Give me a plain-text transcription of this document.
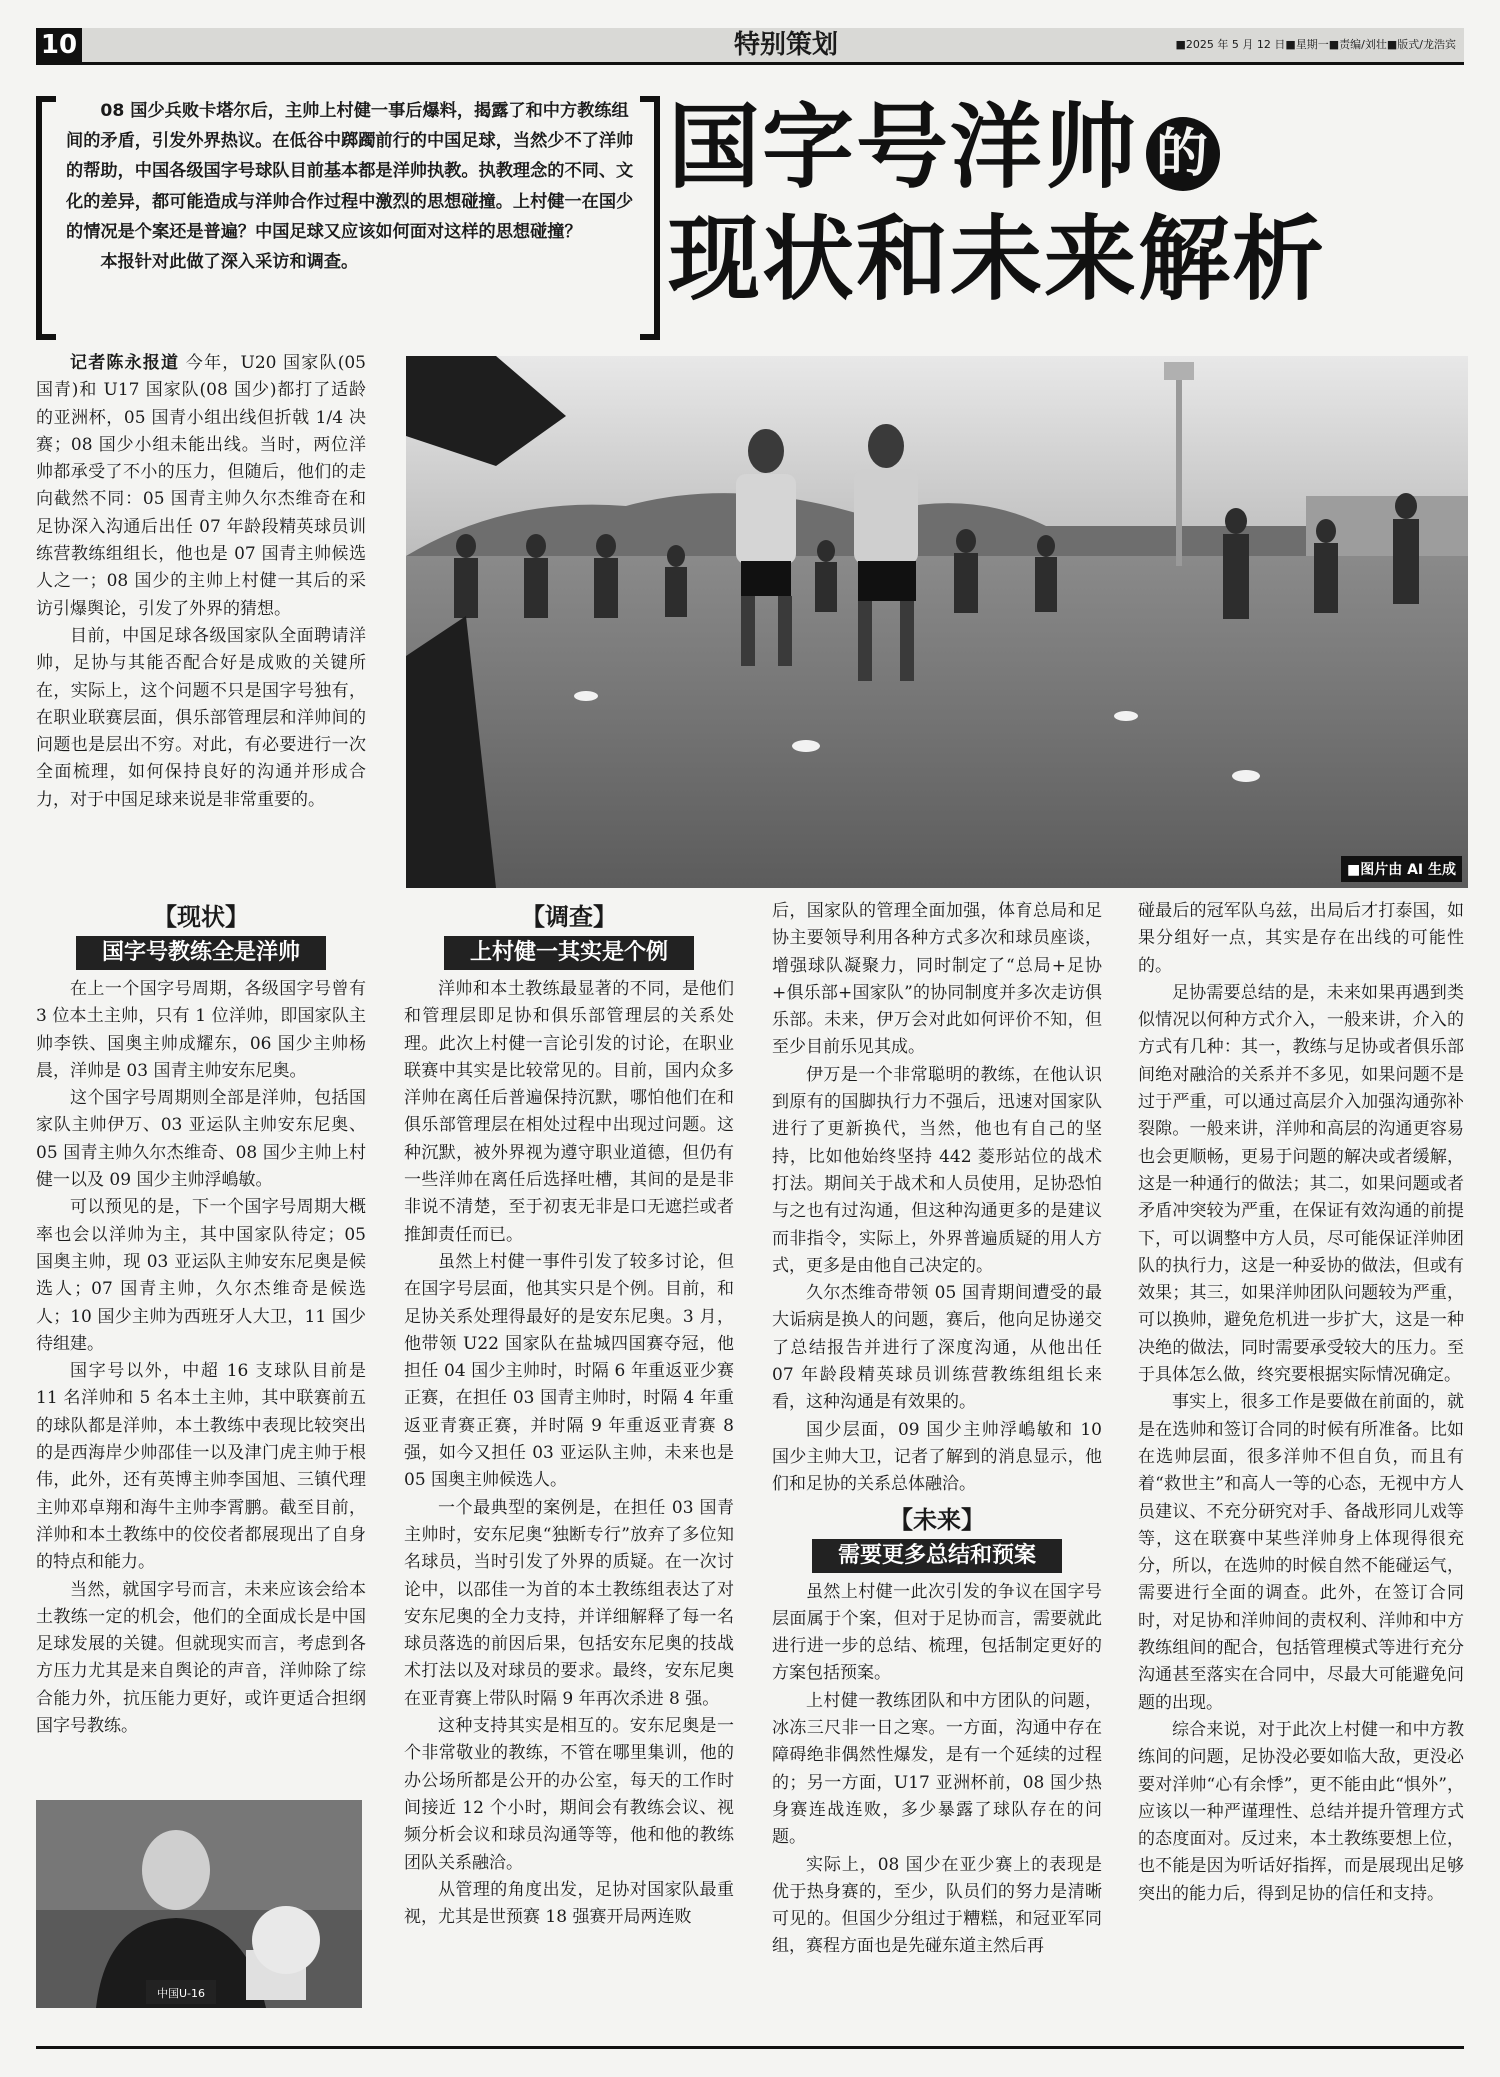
10	特别策划	■2025 年 5 月 12 日■星期一■责编/刘壮■版式/龙浩宾

08 国少兵败卡塔尔后，主帅上村健一事后爆料，揭露了和中方教练组间的矛盾，引发外界热议。在低谷中踯躅前行的中国足球，当然少不了洋帅的帮助，中国各级国字号球队目前基本都是洋帅执教。执教理念的不同、文化的差异，都可能造成与洋帅合作过程中激烈的思想碰撞。上村健一在国少的情况是个案还是普遍？中国足球又应该如何面对这样的思想碰撞？

本报针对此做了深入采访和调查。

国字号洋帅 的
现状和未来解析

记者陈永报道 今年，U20 国家队(05 国青)和 U17 国家队(08 国少)都打了适龄的亚洲杯，05 国青小组出线但折戟 1/4 决赛；08 国少小组未能出线。当时，两位洋帅都承受了不小的压力，但随后，他们的走向截然不同：05 国青主帅久尔杰维奇在和足协深入沟通后出任 07 年龄段精英球员训练营教练组组长，他也是 07 国青主帅候选人之一；08 国少的主帅上村健一其后的采访引爆舆论，引发了外界的猜想。

目前，中国足球各级国家队全面聘请洋帅，足协与其能否配合好是成败的关键所在，实际上，这个问题不只是国字号独有，在职业联赛层面，俱乐部管理层和洋帅间的问题也是层出不穷。对此，有必要进行一次全面梳理，如何保持良好的沟通并形成合力，对于中国足球来说是非常重要的。

■图片由 AI 生成
【现状】
国字号教练全是洋帅

在上一个国字号周期，各级国字号曾有 3 位本土主帅，只有 1 位洋帅，即国家队主帅李铁、国奥主帅成耀东，06 国少主帅杨晨，洋帅是 03 国青主帅安东尼奥。

这个国字号周期则全部是洋帅，包括国家队主帅伊万、03 亚运队主帅安东尼奥、05 国青主帅久尔杰维奇、08 国少主帅上村健一以及 09 国少主帅浮嶋敏。

可以预见的是，下一个国字号周期大概率也会以洋帅为主，其中国家队待定；05 国奥主帅，现 03 亚运队主帅安东尼奥是候选人；07 国青主帅，久尔杰维奇是候选人；10 国少主帅为西班牙人大卫，11 国少待组建。

国字号以外，中超 16 支球队目前是 11 名洋帅和 5 名本土主帅，其中联赛前五的球队都是洋帅，本土教练中表现比较突出的是西海岸少帅邵佳一以及津门虎主帅于根伟，此外，还有英博主帅李国旭、三镇代理主帅邓卓翔和海牛主帅李霄鹏。截至目前，洋帅和本土教练中的佼佼者都展现出了自身的特点和能力。

当然，就国字号而言，未来应该会给本土教练一定的机会，他们的全面成长是中国足球发展的关键。但就现实而言，考虑到各方压力尤其是来自舆论的声音，洋帅除了综合能力外，抗压能力更好，或许更适合担纲国字号教练。

中国U-16
【调查】
上村健一其实是个例

洋帅和本土教练最显著的不同，是他们和管理层即足协和俱乐部管理层的关系处理。此次上村健一言论引发的讨论，在职业联赛中其实是比较常见的。目前，国内众多洋帅在离任后普遍保持沉默，哪怕他们在和俱乐部管理层在相处过程中出现过问题。这种沉默，被外界视为遵守职业道德，但仍有一些洋帅在离任后选择吐槽，其间的是是非非说不清楚，至于初衷无非是口无遮拦或者推卸责任而已。

虽然上村健一事件引发了较多讨论，但在国字号层面，他其实只是个例。目前，和足协关系处理得最好的是安东尼奥。3 月，他带领 U22 国家队在盐城四国赛夺冠，他担任 04 国少主帅时，时隔 6 年重返亚少赛正赛，在担任 03 国青主帅时，时隔 4 年重返亚青赛正赛，并时隔 9 年重返亚青赛 8 强，如今又担任 03 亚运队主帅，未来也是 05 国奥主帅候选人。

一个最典型的案例是，在担任 03 国青主帅时，安东尼奥“独断专行”放弃了多位知名球员，当时引发了外界的质疑。在一次讨论中，以邵佳一为首的本土教练组表达了对安东尼奥的全力支持，并详细解释了每一名球员落选的前因后果，包括安东尼奥的技战术打法以及对球员的要求。最终，安东尼奥在亚青赛上带队时隔 9 年再次杀进 8 强。

这种支持其实是相互的。安东尼奥是一个非常敬业的教练，不管在哪里集训，他的办公场所都是公开的办公室，每天的工作时间接近 12 个小时，期间会有教练会议、视频分析会议和球员沟通等等，他和他的教练团队关系融洽。

从管理的角度出发，足协对国家队最重视，尤其是世预赛 18 强赛开局两连败

后，国家队的管理全面加强，体育总局和足协主要领导利用各种方式多次和球员座谈，增强球队凝聚力，同时制定了“总局+足协+俱乐部+国家队”的协同制度并多次走访俱乐部。未来，伊万会对此如何评价不知，但至少目前乐见其成。

伊万是一个非常聪明的教练，在他认识到原有的国脚执行力不强后，迅速对国家队进行了更新换代，当然，他也有自己的坚持，比如他始终坚持 442 菱形站位的战术打法。期间关于战术和人员使用，足协恐怕与之也有过沟通，但这种沟通更多的是建议而非指令，实际上，外界普遍质疑的用人方式，更多是由他自己决定的。

久尔杰维奇带领 05 国青期间遭受的最大诟病是换人的问题，赛后，他向足协递交了总结报告并进行了深度沟通，从他出任 07 年龄段精英球员训练营教练组组长来看，这种沟通是有效果的。

国少层面，09 国少主帅浮嶋敏和 10 国少主帅大卫，记者了解到的消息显示，他们和足协的关系总体融洽。

【未来】
需要更多总结和预案

虽然上村健一此次引发的争议在国字号层面属于个案，但对于足协而言，需要就此进行进一步的总结、梳理，包括制定更好的方案包括预案。

上村健一教练团队和中方团队的问题，冰冻三尺非一日之寒。一方面，沟通中存在障碍绝非偶然性爆发，是有一个延续的过程的；另一方面，U17 亚洲杯前，08 国少热身赛连战连败，多少暴露了球队存在的问题。

实际上，08 国少在亚少赛上的表现是优于热身赛的，至少，队员们的努力是清晰可见的。但国少分组过于糟糕，和冠亚军同组，赛程方面也是先碰东道主然后再

碰最后的冠军队乌兹，出局后才打泰国，如果分组好一点，其实是存在出线的可能性的。

足协需要总结的是，未来如果再遇到类似情况以何种方式介入，一般来讲，介入的方式有几种：其一，教练与足协或者俱乐部间绝对融洽的关系并不多见，如果问题不是过于严重，可以通过高层介入加强沟通弥补裂隙。一般来讲，洋帅和高层的沟通更容易也会更顺畅，更易于问题的解决或者缓解，这是一种通行的做法；其二，如果问题或者矛盾冲突较为严重，在保证有效沟通的前提下，可以调整中方人员，尽可能保证洋帅团队的执行力，这是一种妥协的做法，但或有效果；其三，如果洋帅团队问题较为严重，可以换帅，避免危机进一步扩大，这是一种决绝的做法，同时需要承受较大的压力。至于具体怎么做，终究要根据实际情况确定。

事实上，很多工作是要做在前面的，就是在选帅和签订合同的时候有所准备。比如在选帅层面，很多洋帅不但自负，而且有着“救世主”和高人一等的心态，无视中方人员建议、不充分研究对手、备战形同儿戏等等，这在联赛中某些洋帅身上体现得很充分，所以，在选帅的时候自然不能碰运气，需要进行全面的调查。此外，在签订合同时，对足协和洋帅间的责权利、洋帅和中方教练组间的配合，包括管理模式等进行充分沟通甚至落实在合同中，尽最大可能避免问题的出现。

综合来说，对于此次上村健一和中方教练间的问题，足协没必要如临大敌，更没必要对洋帅“心有余悸”，更不能由此“惧外”，应该以一种严谨理性、总结并提升管理方式的态度面对。反过来，本土教练要想上位，也不能是因为听话好指挥，而是展现出足够突出的能力后，得到足协的信任和支持。
